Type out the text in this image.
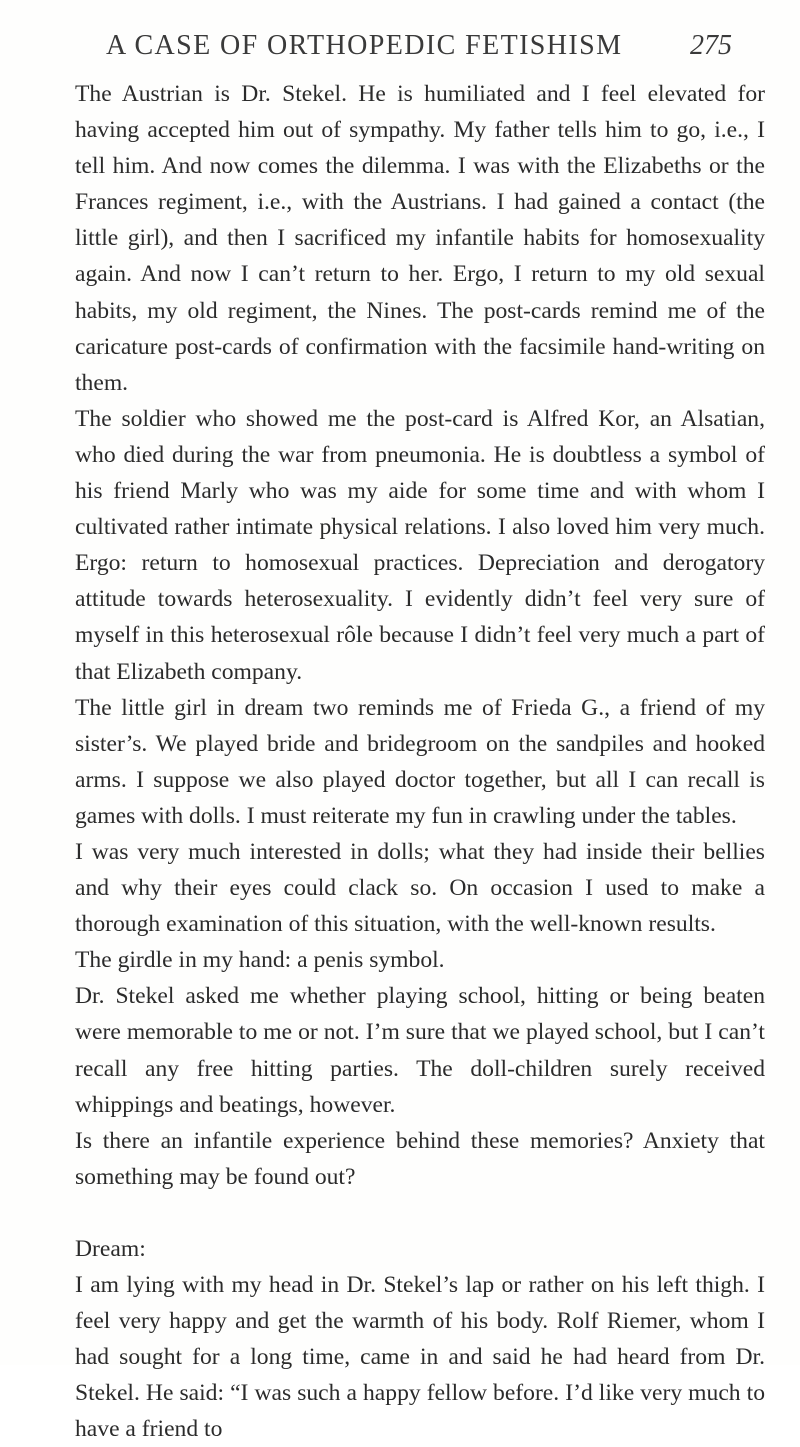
A CASE OF ORTHOPEDIC FETISHISM 275

The Austrian is Dr. Stekel. He is humiliated and I feel elevated for having accepted him out of sympathy. My father tells him to go, i.e., I tell him. And now comes the dilemma. I was with the Elizabeths or the Frances regiment, i.e., with the Austrians. I had gained a contact (the little girl), and then I sacrificed my infantile habits for homosexuality again. And now I can’t return to her. Ergo, I return to my old sexual habits, my old regiment, the Nines. The post-cards remind me of the caricature post-cards of confirmation with the facsimile hand-writing on them.

The soldier who showed me the post-card is Alfred Kor, an Alsatian, who died during the war from pneumonia. He is doubtless a symbol of his friend Marly who was my aide for some time and with whom I cultivated rather intimate physical relations. I also loved him very much. Ergo: return to homosexual practices. Depreciation and derogatory attitude towards heterosexuality. I evidently didn’t feel very sure of myself in this heterosexual rôle because I didn’t feel very much a part of that Elizabeth company.

The little girl in dream two reminds me of Frieda G., a friend of my sister’s. We played bride and bridegroom on the sandpiles and hooked arms. I suppose we also played doctor together, but all I can recall is games with dolls. I must reiterate my fun in crawling under the tables.

I was very much interested in dolls; what they had inside their bellies and why their eyes could clack so. On occasion I used to make a thorough examination of this situation, with the well-known results.

The girdle in my hand: a penis symbol.

Dr. Stekel asked me whether playing school, hitting or being beaten were memorable to me or not. I’m sure that we played school, but I can’t recall any free hitting parties. The doll-children surely received whippings and beatings, however.

Is there an infantile experience behind these memories? Anxiety that something may be found out?

Dream:

I am lying with my head in Dr. Stekel’s lap or rather on his left thigh. I feel very happy and get the warmth of his body. Rolf Riemer, whom I had sought for a long time, came in and said he had heard from Dr. Stekel. He said: “I was such a happy fellow before. I’d like very much to have a friend to
